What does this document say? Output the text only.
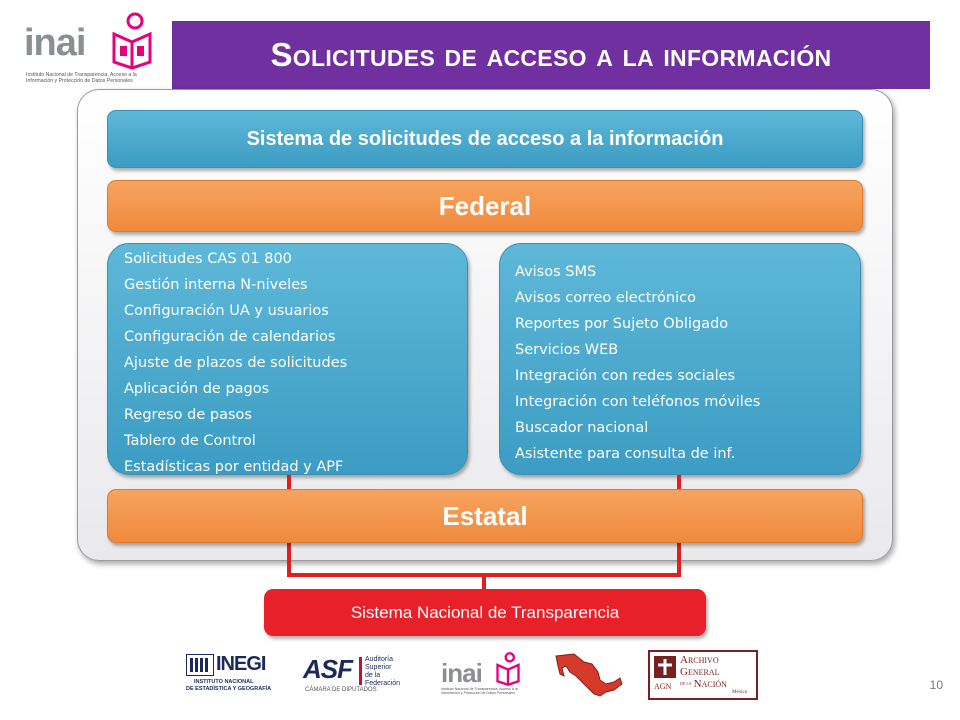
inai
Instituto Nacional de Transparencia, Acceso a la
Información y Protección de Datos Personales
Solicitudes de acceso a la información
Sistema de solicitudes de acceso a la información
Federal
Solicitudes CAS 01 800
Gestión interna N-niveles
Configuración UA y usuarios
Configuración de calendarios
Ajuste de plazos de solicitudes
Aplicación de pagos
Regreso de pasos
Tablero de Control
Estadísticas por entidad y APF
Avisos SMS
Avisos correo electrónico
Reportes por Sujeto Obligado
Servicios WEB
Integración con redes sociales
Integración con teléfonos móviles
Buscador nacional
Asistente para consulta de inf.
Estatal
Sistema Nacional de Transparencia
INEGI
INSTITUTO NACIONAL
DE ESTADÍSTICA Y GEOGRAFÍA
ASF Auditoría
Superior
de la Federación
CÁMARA DE DIPUTADOS
inai
Instituto Nacional de Transparencia, Acceso a la
Información y Protección de Datos Personales
AGN
Archivo
General
DE LA Nación
México
10
